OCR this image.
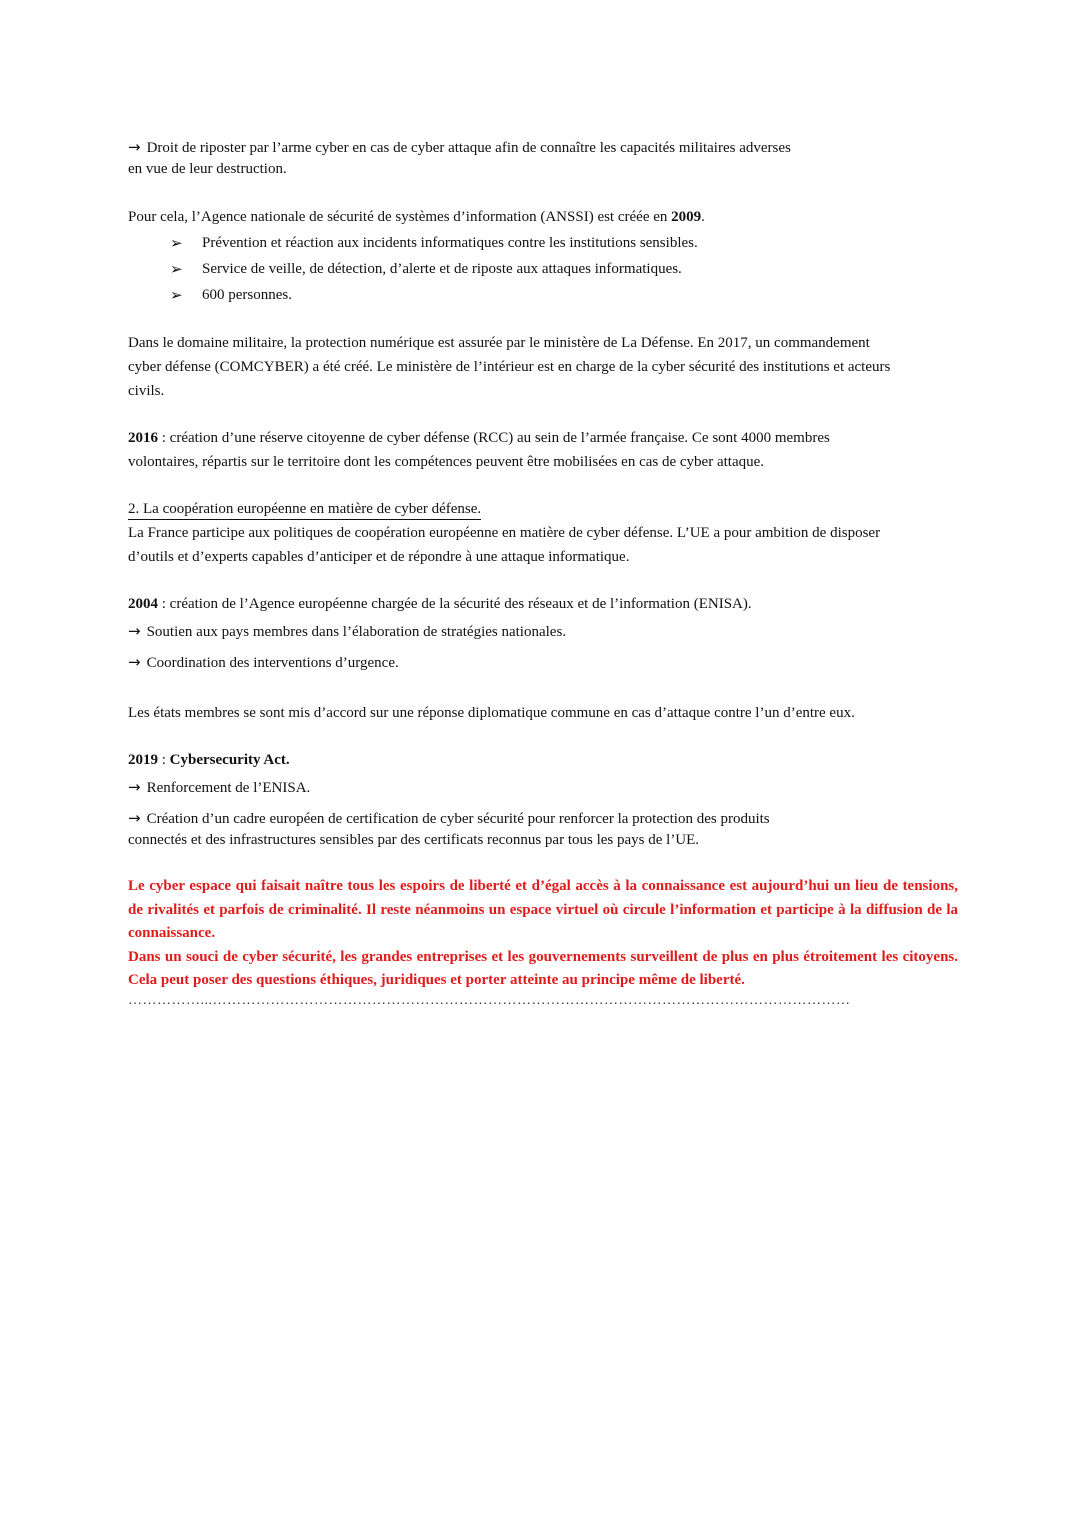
→ Droit de riposter par l’arme cyber en cas de cyber attaque afin de connaître les capacités militaires adverses

en vue de leur destruction.

Pour cela, l’Agence nationale de sécurité de systèmes d’information (ANSSI) est créée en 2009.

➢ Prévention et réaction aux incidents informatiques contre les institutions sensibles.
➢ Service de veille, de détection, d’alerte et de riposte aux attaques informatiques.
➢ 600 personnes.

Dans le domaine militaire, la protection numérique est assurée par le ministère de La Défense. En 2017, un commandement

cyber défense (COMCYBER) a été créé. Le ministère de l’intérieur est en charge de la cyber sécurité des institutions et acteurs

civils.

2016 : création d’une réserve citoyenne de cyber défense (RCC) au sein de l’armée française. Ce sont 4000 membres

volontaires, répartis sur le territoire dont les compétences peuvent être mobilisées en cas de cyber attaque.

2. La coopération européenne en matière de cyber défense.

La France participe aux politiques de coopération européenne en matière de cyber défense. L’UE a pour ambition de disposer

d’outils et d’experts capables d’anticiper et de répondre à une attaque informatique.

2004 : création de l’Agence européenne chargée de la sécurité des réseaux et de l’information (ENISA).

→ Soutien aux pays membres dans l’élaboration de stratégies nationales.

→ Coordination des interventions d’urgence.

Les états membres se sont mis d’accord sur une réponse diplomatique commune en cas d’attaque contre l’un d’entre eux.

2019 : Cybersecurity Act.

→ Renforcement de l’ENISA.

→ Création d’un cadre européen de certification de cyber sécurité pour renforcer la protection des produits

connectés et des infrastructures sensibles par des certificats reconnus par tous les pays de l’UE.

Le cyber espace qui faisait naître tous les espoirs de liberté et d’égal accès à la connaissance est aujourd’hui un lieu de tensions, de rivalités et parfois de criminalité. Il reste néanmoins un espace virtuel où circule l’information et participe à la diffusion de la connaissance.

Dans un souci de cyber sécurité, les grandes entreprises et les gouvernements surveillent de plus en plus étroitement les citoyens. Cela peut poser des questions éthiques, juridiques et porter atteinte au principe même de liberté.

……………...……………………………………………………………………………………………………………………
